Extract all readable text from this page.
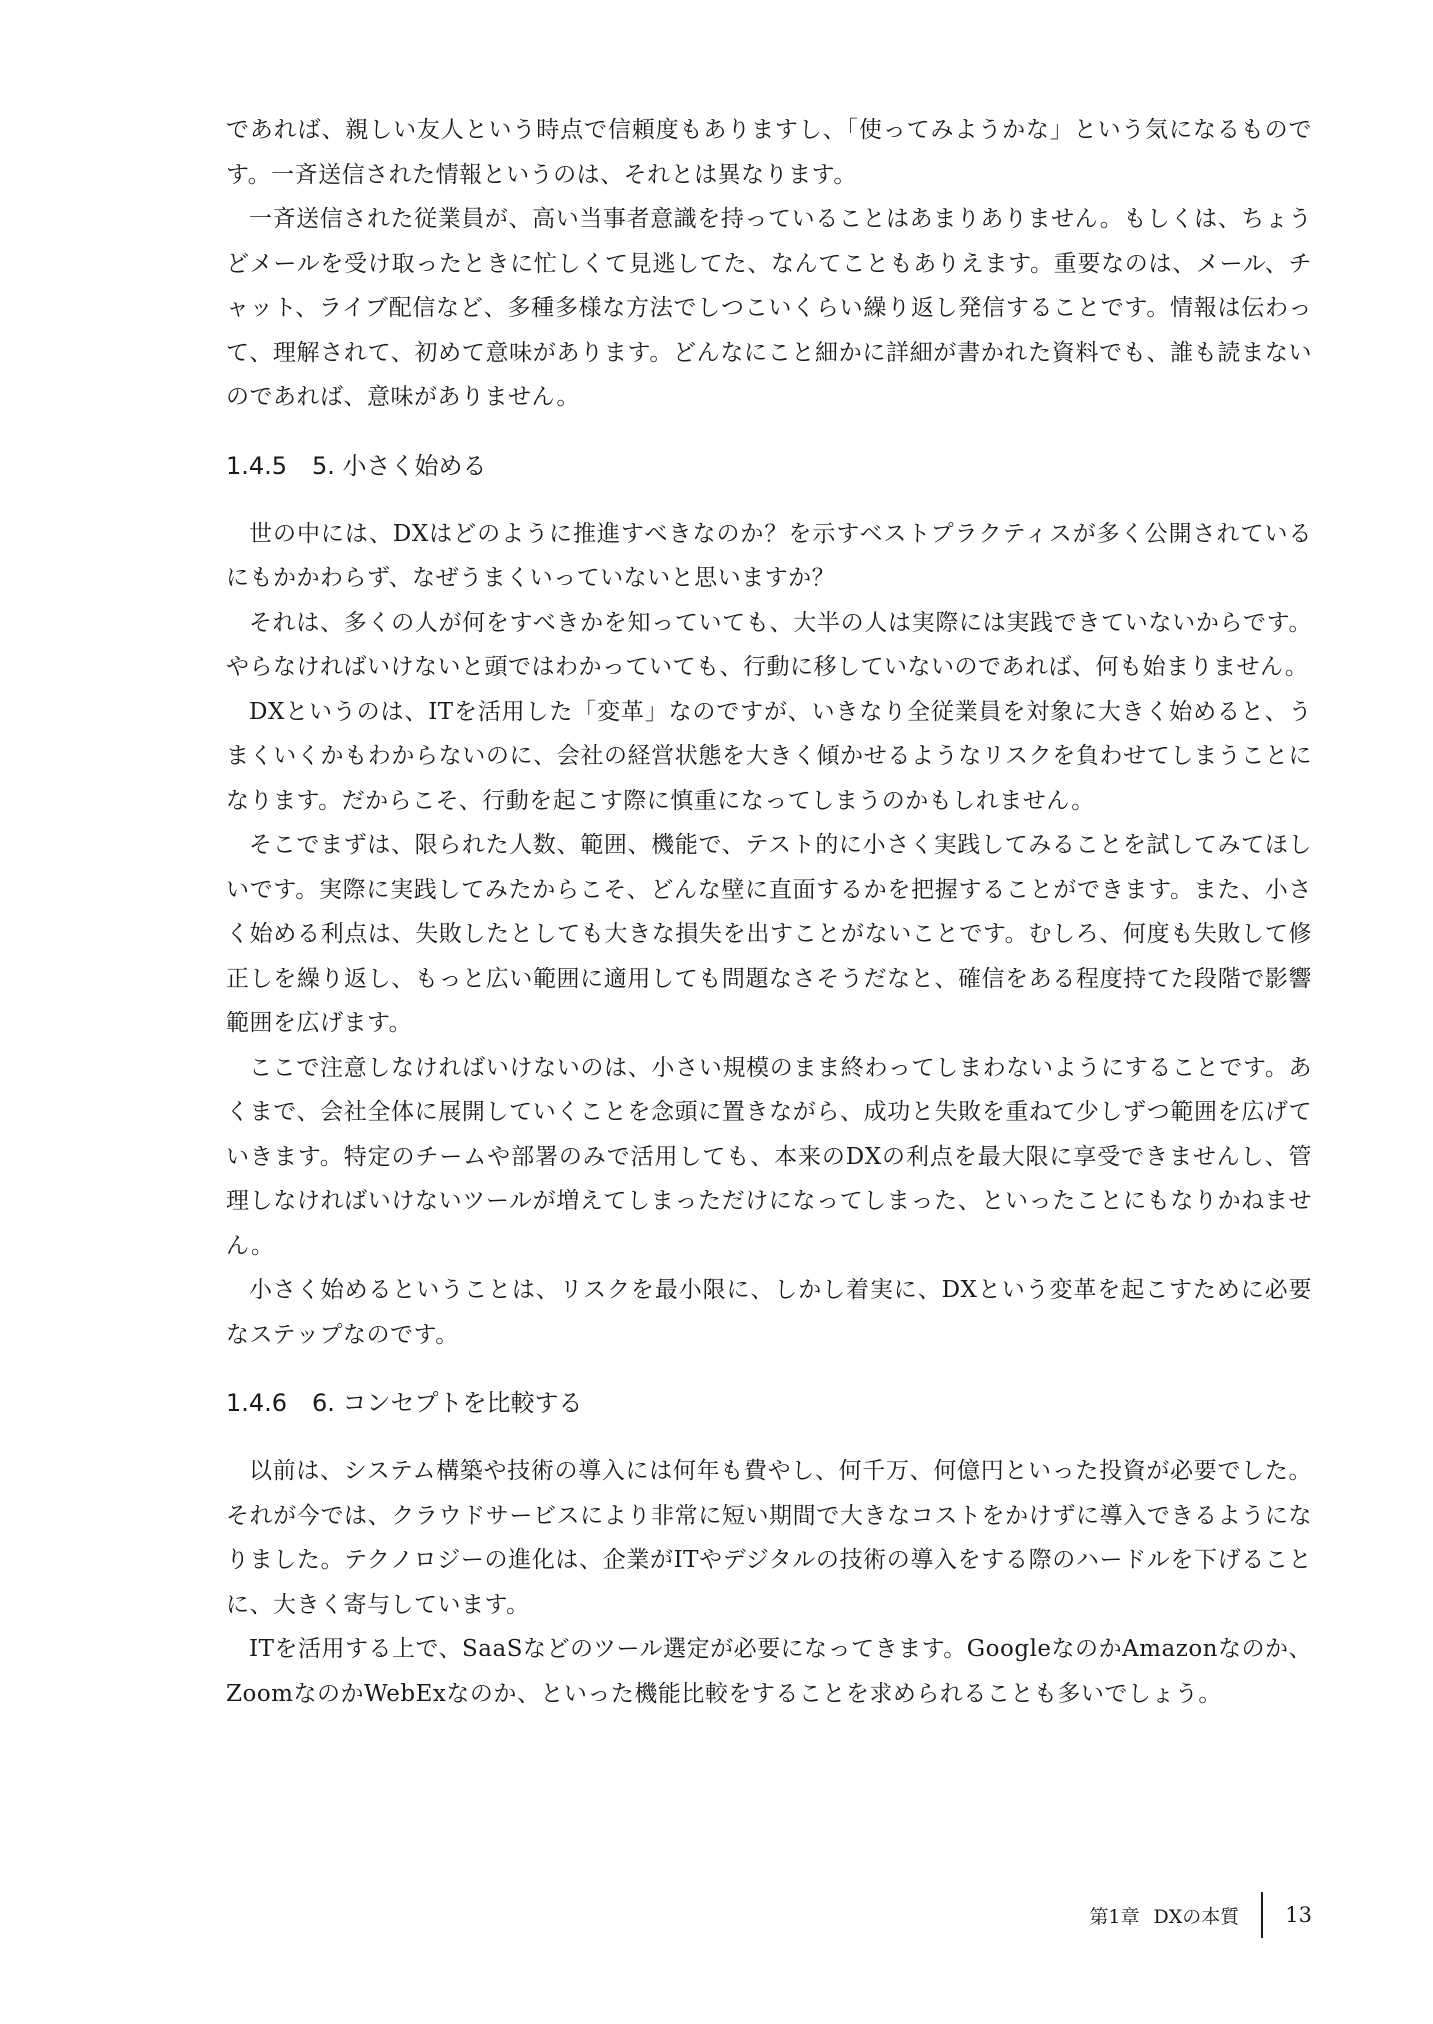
であれば、親しい友人という時点で信頼度もありますし、「使ってみようかな」という気になるものです。一斉送信された情報というのは、それとは異なります。

一斉送信された従業員が、高い当事者意識を持っていることはあまりありません。もしくは、ちょうどメールを受け取ったときに忙しくて見逃してた、なんてこともありえます。重要なのは、メール、チャット、ライブ配信など、多種多様な方法でしつこいくらい繰り返し発信することです。情報は伝わって、理解されて、初めて意味があります。どんなにこと細かに詳細が書かれた資料でも、誰も読まないのであれば、意味がありません。

1.4.5 5. 小さく始める

世の中には、DXはどのように推進すべきなのか？を示すベストプラクティスが多く公開されているにもかかわらず、なぜうまくいっていないと思いますか？

それは、多くの人が何をすべきかを知っていても、大半の人は実際には実践できていないからです。やらなければいけないと頭ではわかっていても、行動に移していないのであれば、何も始まりません。

DXというのは、ITを活用した「変革」なのですが、いきなり全従業員を対象に大きく始めると、うまくいくかもわからないのに、会社の経営状態を大きく傾かせるようなリスクを負わせてしまうことになります。だからこそ、行動を起こす際に慎重になってしまうのかもしれません。

そこでまずは、限られた人数、範囲、機能で、テスト的に小さく実践してみることを試してみてほしいです。実際に実践してみたからこそ、どんな壁に直面するかを把握することができます。また、小さく始める利点は、失敗したとしても大きな損失を出すことがないことです。むしろ、何度も失敗して修正しを繰り返し、もっと広い範囲に適用しても問題なさそうだなと、確信をある程度持てた段階で影響範囲を広げます。

ここで注意しなければいけないのは、小さい規模のまま終わってしまわないようにすることです。あくまで、会社全体に展開していくことを念頭に置きながら、成功と失敗を重ねて少しずつ範囲を広げていきます。特定のチームや部署のみで活用しても、本来のDXの利点を最大限に享受できませんし、管理しなければいけないツールが増えてしまっただけになってしまった、といったことにもなりかねません。

小さく始めるということは、リスクを最小限に、しかし着実に、DXという変革を起こすために必要なステップなのです。

1.4.6 6. コンセプトを比較する

以前は、システム構築や技術の導入には何年も費やし、何千万、何億円といった投資が必要でした。それが今では、クラウドサービスにより非常に短い期間で大きなコストをかけずに導入できるようになりました。テクノロジーの進化は、企業がITやデジタルの技術の導入をする際のハードルを下げることに、大きく寄与しています。

ITを活用する上で、SaaSなどのツール選定が必要になってきます。GoogleなのかAmazonなのか、ZoomなのかWebExなのか、といった機能比較をすることを求められることも多いでしょう。

第1章 DXの本質 13
